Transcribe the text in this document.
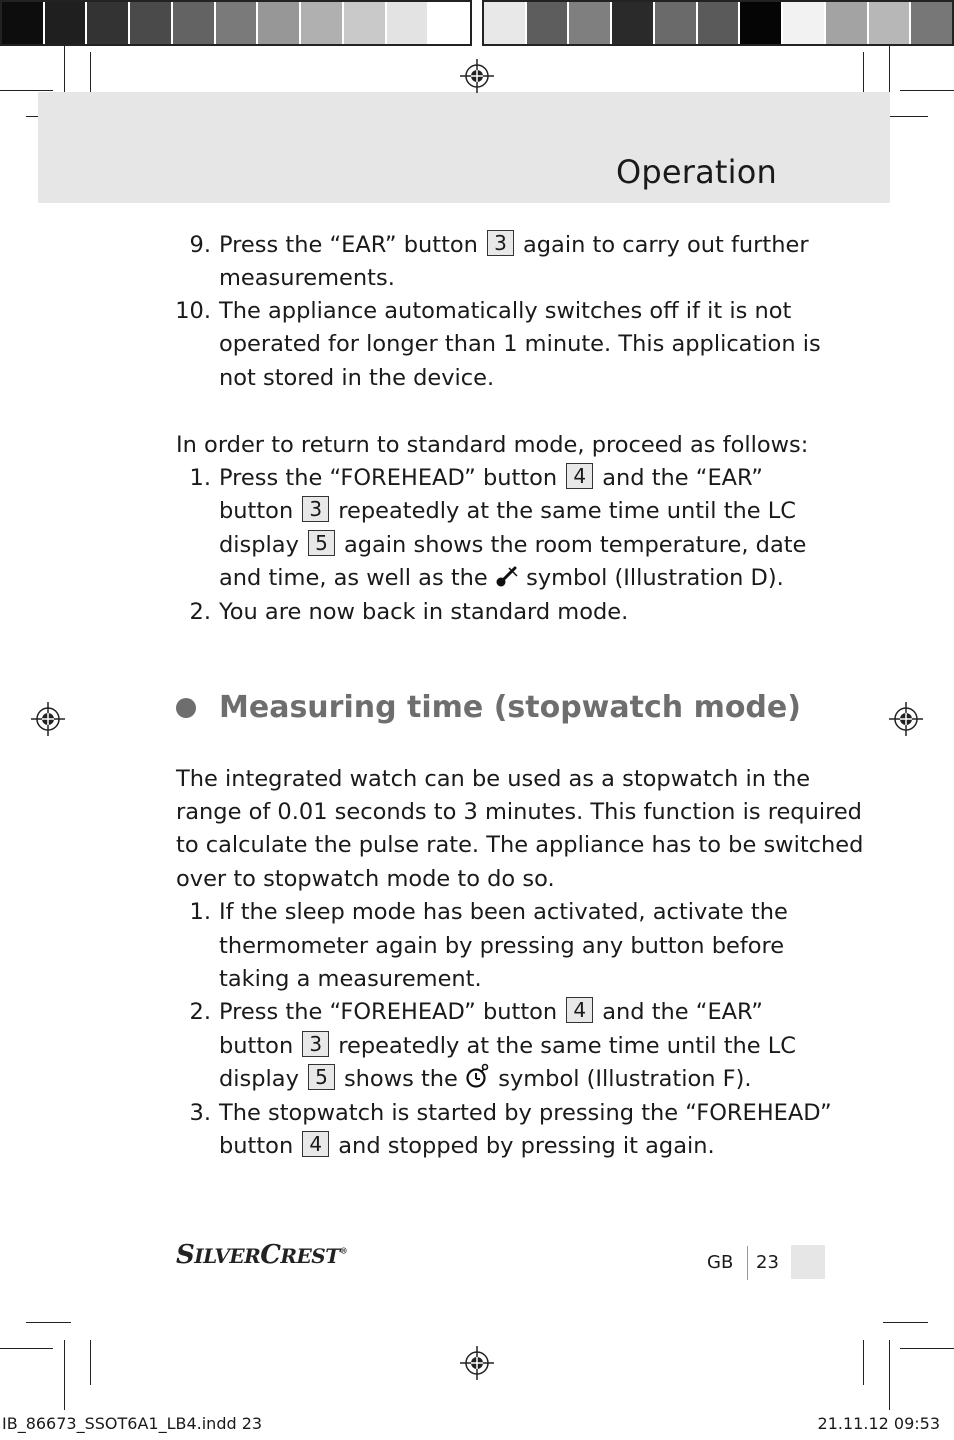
Operation
9. Press the “EAR” button 3 again to carry out further
measurements.
10. The appliance automatically switches off if it is not
operated for longer than 1 minute. This application is
not stored in the device.
In order to return to standard mode, proceed as follows:
1. Press the “FOREHEAD” button 4 and the “EAR”
button 3 repeatedly at the same time until the LC
display 5 again shows the room temperature, date
and time, as well as the symbol (Illustration D).
2. You are now back in standard mode.
Measuring time (stopwatch mode)
The integrated watch can be used as a stopwatch in the
range of 0.01 seconds to 3 minutes. This function is required
to calculate the pulse rate. The appliance has to be switched
over to stopwatch mode to do so.
1. If the sleep mode has been activated, activate the
thermometer again by pressing any button before
taking a measurement.
2. Press the “FOREHEAD” button 4 and the “EAR”
button 3 repeatedly at the same time until the LC
display 5 shows the symbol (Illustration F).
3. The stopwatch is started by pressing the “FOREHEAD”
button 4 and stopped by pressing it again.
SILVERCREST®
GB 23
IB_86673_SSOT6A1_LB4.indd 23	21.11.12 09:53
